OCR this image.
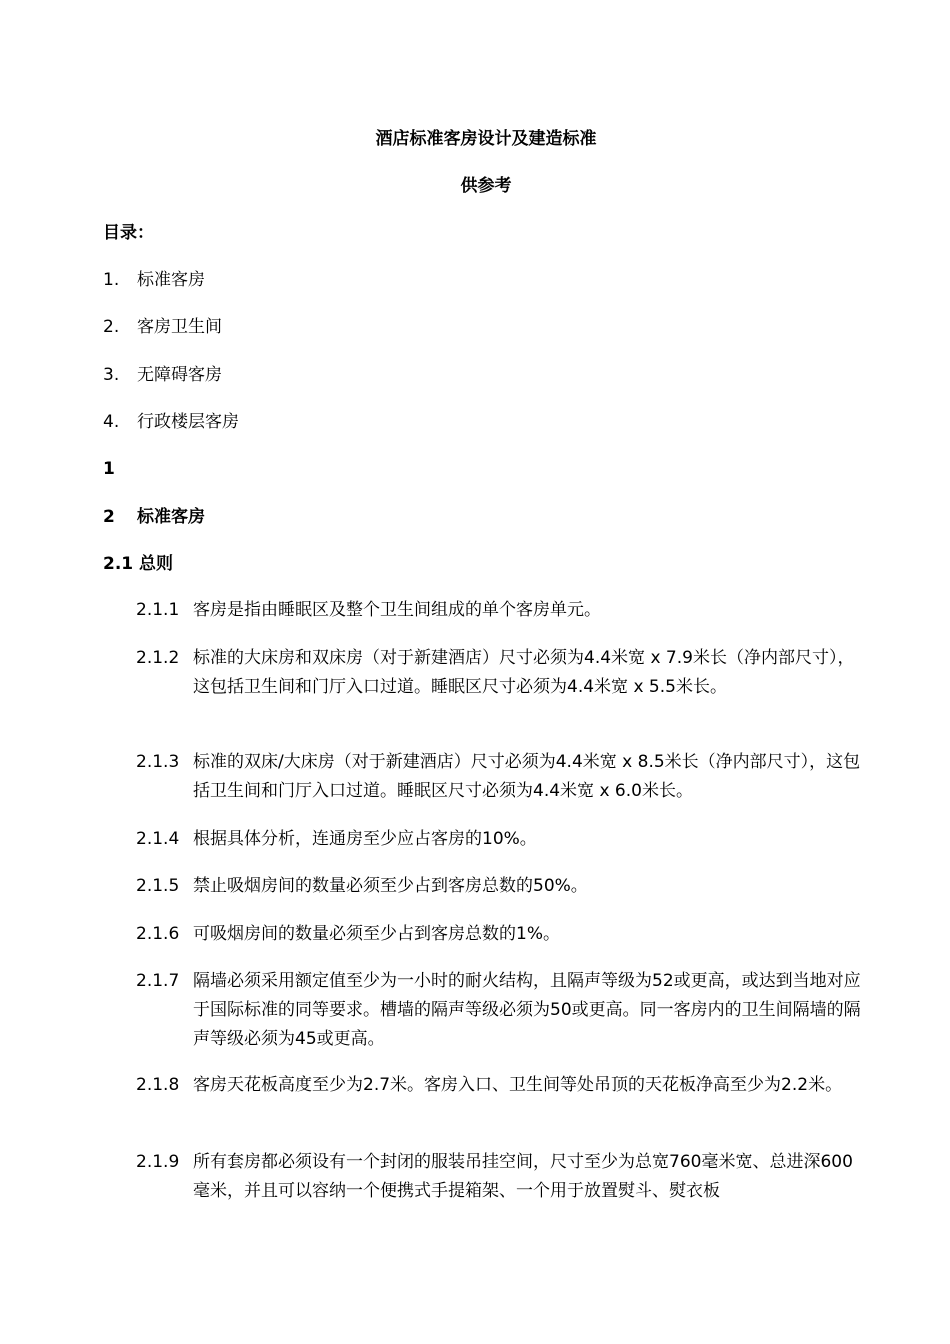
酒店标准客房设计及建造标准
供参考
目录：
1. 标准客房
2. 客房卫生间
3. 无障碍客房
4. 行政楼层客房
1
2 标准客房
2.1 总则
2.1.1 客房是指由睡眠区及整个卫生间组成的单个客房单元。
2.1.2 标准的大床房和双床房（对于新建酒店）尺寸必须为4.4米宽 x 7.9米长（净内部尺寸），这包括卫生间和门厅入口过道。睡眠区尺寸必须为4.4米宽 x 5.5米长。
2.1.3 标准的双床/大床房（对于新建酒店）尺寸必须为4.4米宽 x 8.5米长（净内部尺寸），这包括卫生间和门厅入口过道。睡眠区尺寸必须为4.4米宽 x 6.0米长。
2.1.4 根据具体分析，连通房至少应占客房的10%。
2.1.5 禁止吸烟房间的数量必须至少占到客房总数的50%。
2.1.6 可吸烟房间的数量必须至少占到客房总数的1%。
2.1.7 隔墙必须采用额定值至少为一小时的耐火结构，且隔声等级为52或更高，或达到当地对应于国际标准的同等要求。槽墙的隔声等级必须为50或更高。同一客房内的卫生间隔墙的隔声等级必须为45或更高。
2.1.8 客房天花板高度至少为2.7米。客房入口、卫生间等处吊顶的天花板净高至少为2.2米。
2.1.9 所有套房都必须设有一个封闭的服装吊挂空间，尺寸至少为总宽760毫米宽、总进深600毫米，并且可以容纳一个便携式手提箱架、一个用于放置熨斗、熨衣板
